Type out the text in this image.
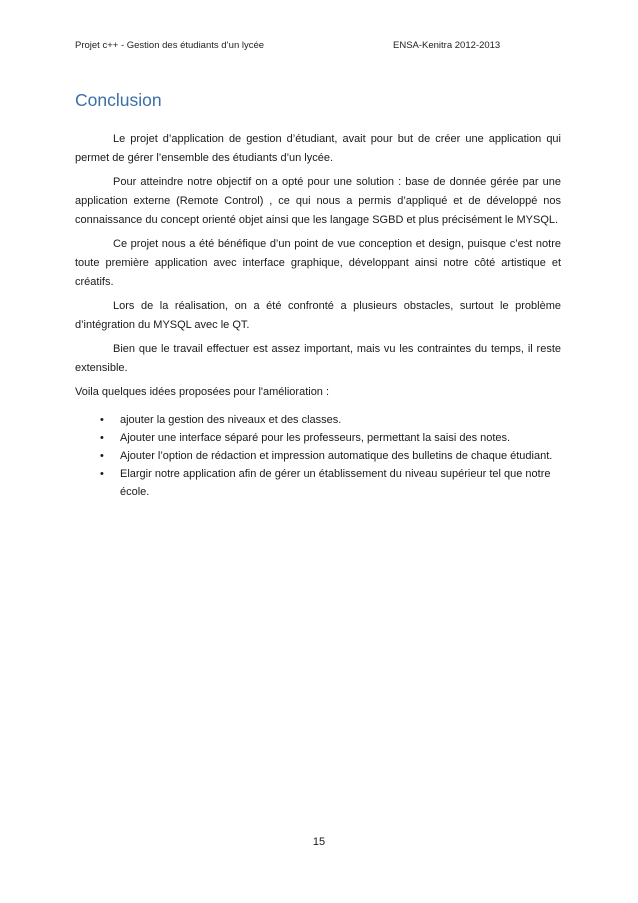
Projet c++ - Gestion des étudiants d’un lycée	ENSA-Kenitra 2012-2013
Conclusion

Le projet d’application de gestion d’étudiant, avait pour but de créer une application qui permet de gérer l’ensemble des étudiants d’un lycée.

Pour atteindre notre objectif on a opté pour une solution : base de donnée gérée par une application externe (Remote Control) , ce qui nous a permis d’appliqué et de développé nos connaissance du concept orienté objet ainsi que les langage SGBD et plus précisément le MYSQL.

Ce projet nous a été bénéfique d’un point de vue conception et design, puisque c’est notre toute première application avec interface graphique, développant ainsi notre côté artistique et créatifs.

Lors de la réalisation, on a été confronté a plusieurs obstacles, surtout le problème d’intégration du MYSQL avec le QT.

Bien que le travail effectuer est assez important, mais vu les contraintes du temps, il reste extensible.

Voila quelques idées proposées pour l'amélioration :

• ajouter la gestion des niveaux et des classes.
• Ajouter une interface séparé pour les professeurs, permettant la saisi des notes.
• Ajouter l’option de rédaction et impression automatique des bulletins de chaque étudiant.
• Elargir notre application afin de gérer un établissement du niveau supérieur tel que notre école.
15
